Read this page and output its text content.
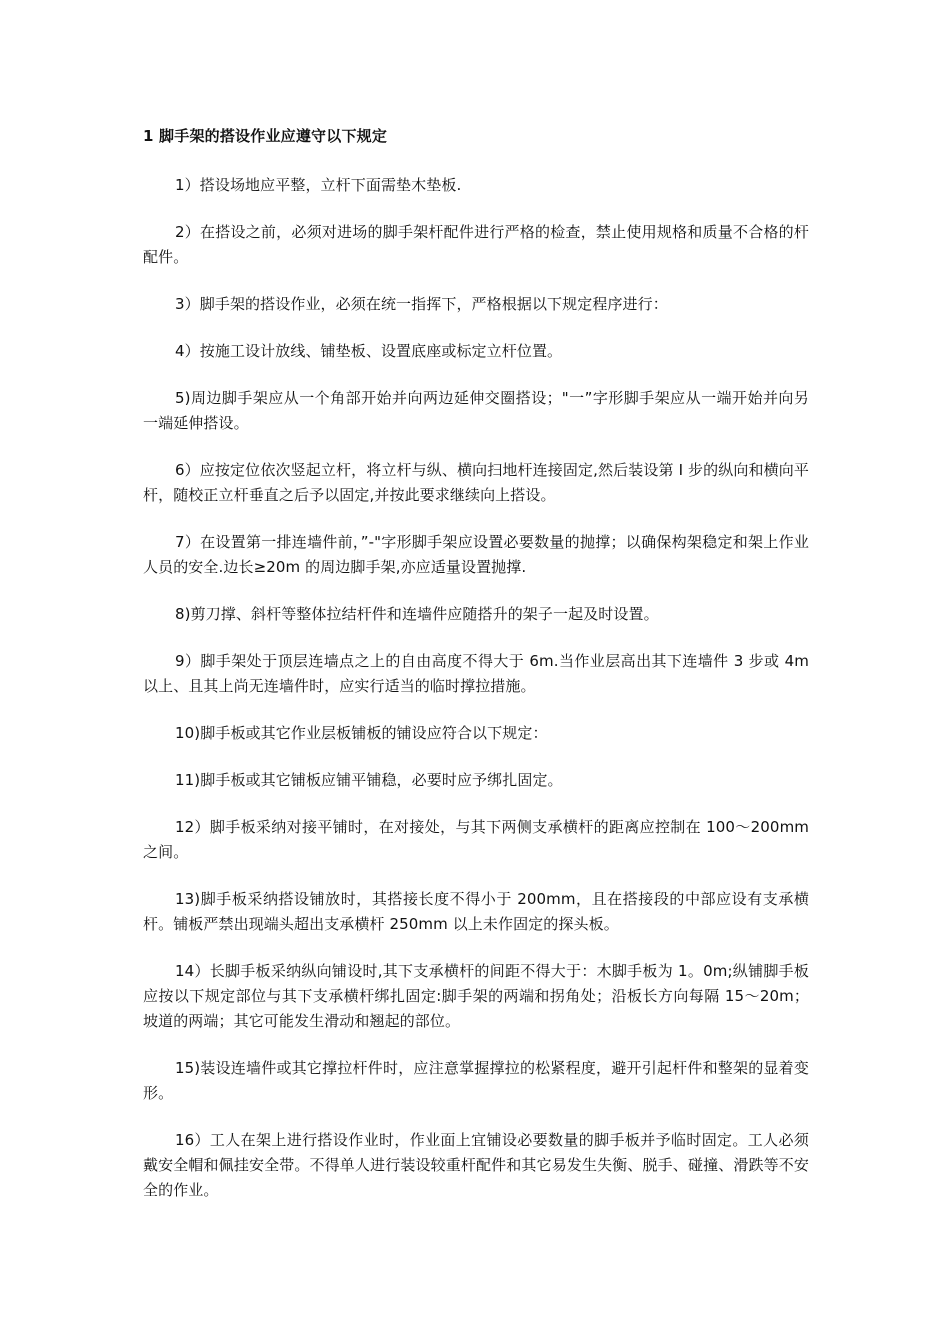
1 脚手架的搭设作业应遵守以下规定

1）搭设场地应平整，立杆下面需垫木垫板.

2）在搭设之前，必须对进场的脚手架杆配件进行严格的检查，禁止使用规格和质量不合格的杆配件。

3）脚手架的搭设作业，必须在统一指挥下，严格根据以下规定程序进行：

4）按施工设计放线、铺垫板、设置底座或标定立杆位置。

5)周边脚手架应从一个角部开始并向两边延伸交圈搭设；"一”字形脚手架应从一端开始并向另一端延伸搭设。

6）应按定位依次竖起立杆，将立杆与纵、横向扫地杆连接固定,然后装设第 I 步的纵向和横向平杆，随校正立杆垂直之后予以固定,并按此要求继续向上搭设。

7）在设置第一排连墙件前，”-"字形脚手架应设置必要数量的抛撑；以确保构架稳定和架上作业人员的安全.边长≥20m 的周边脚手架,亦应适量设置抛撑.

8)剪刀撑、斜杆等整体拉结杆件和连墙件应随搭升的架子一起及时设置。

9）脚手架处于顶层连墙点之上的自由高度不得大于 6m.当作业层高出其下连墙件 3 步或 4m 以上、且其上尚无连墙件时，应实行适当的临时撑拉措施。

10)脚手板或其它作业层板铺板的铺设应符合以下规定：

11)脚手板或其它铺板应铺平铺稳，必要时应予绑扎固定。

12）脚手板采纳对接平铺时，在对接处，与其下两侧支承横杆的距离应控制在 100～200mm 之间。

13)脚手板采纳搭设铺放时，其搭接长度不得小于 200mm，且在搭接段的中部应设有支承横杆。铺板严禁出现端头超出支承横杆 250mm 以上未作固定的探头板。

14）长脚手板采纳纵向铺设时,其下支承横杆的间距不得大于：木脚手板为 1。0m;纵铺脚手板应按以下规定部位与其下支承横杆绑扎固定:脚手架的两端和拐角处；沿板长方向每隔 15～20m；坡道的两端；其它可能发生滑动和翘起的部位。

15)装设连墙件或其它撑拉杆件时，应注意掌握撑拉的松紧程度，避开引起杆件和整架的显着变形。

16）工人在架上进行搭设作业时，作业面上宜铺设必要数量的脚手板并予临时固定。工人必须戴安全帽和佩挂安全带。不得单人进行装设较重杆配件和其它易发生失衡、脱手、碰撞、滑跌等不安全的作业。
